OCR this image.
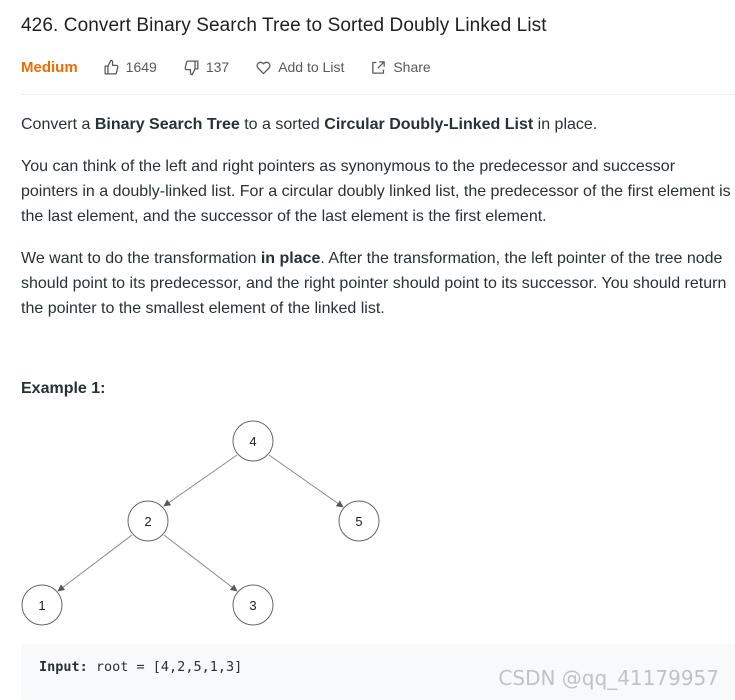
426. Convert Binary Search Tree to Sorted Doubly Linked List
Medium	1649	137	Add to List	Share

Convert a Binary Search Tree to a sorted Circular Doubly-Linked List in place.

You can think of the left and right pointers as synonymous to the predecessor and successor pointers in a doubly-linked list. For a circular doubly linked list, the predecessor of the first element is the last element, and the successor of the last element is the first element.

We want to do the transformation in place. After the transformation, the left pointer of the tree node should point to its predecessor, and the right pointer should point to its successor. You should return the pointer to the smallest element of the linked list.

Example 1:
4
2	5
1	3
Input: root = [4,2,5,1,3]	CSDN @qq_41179957
